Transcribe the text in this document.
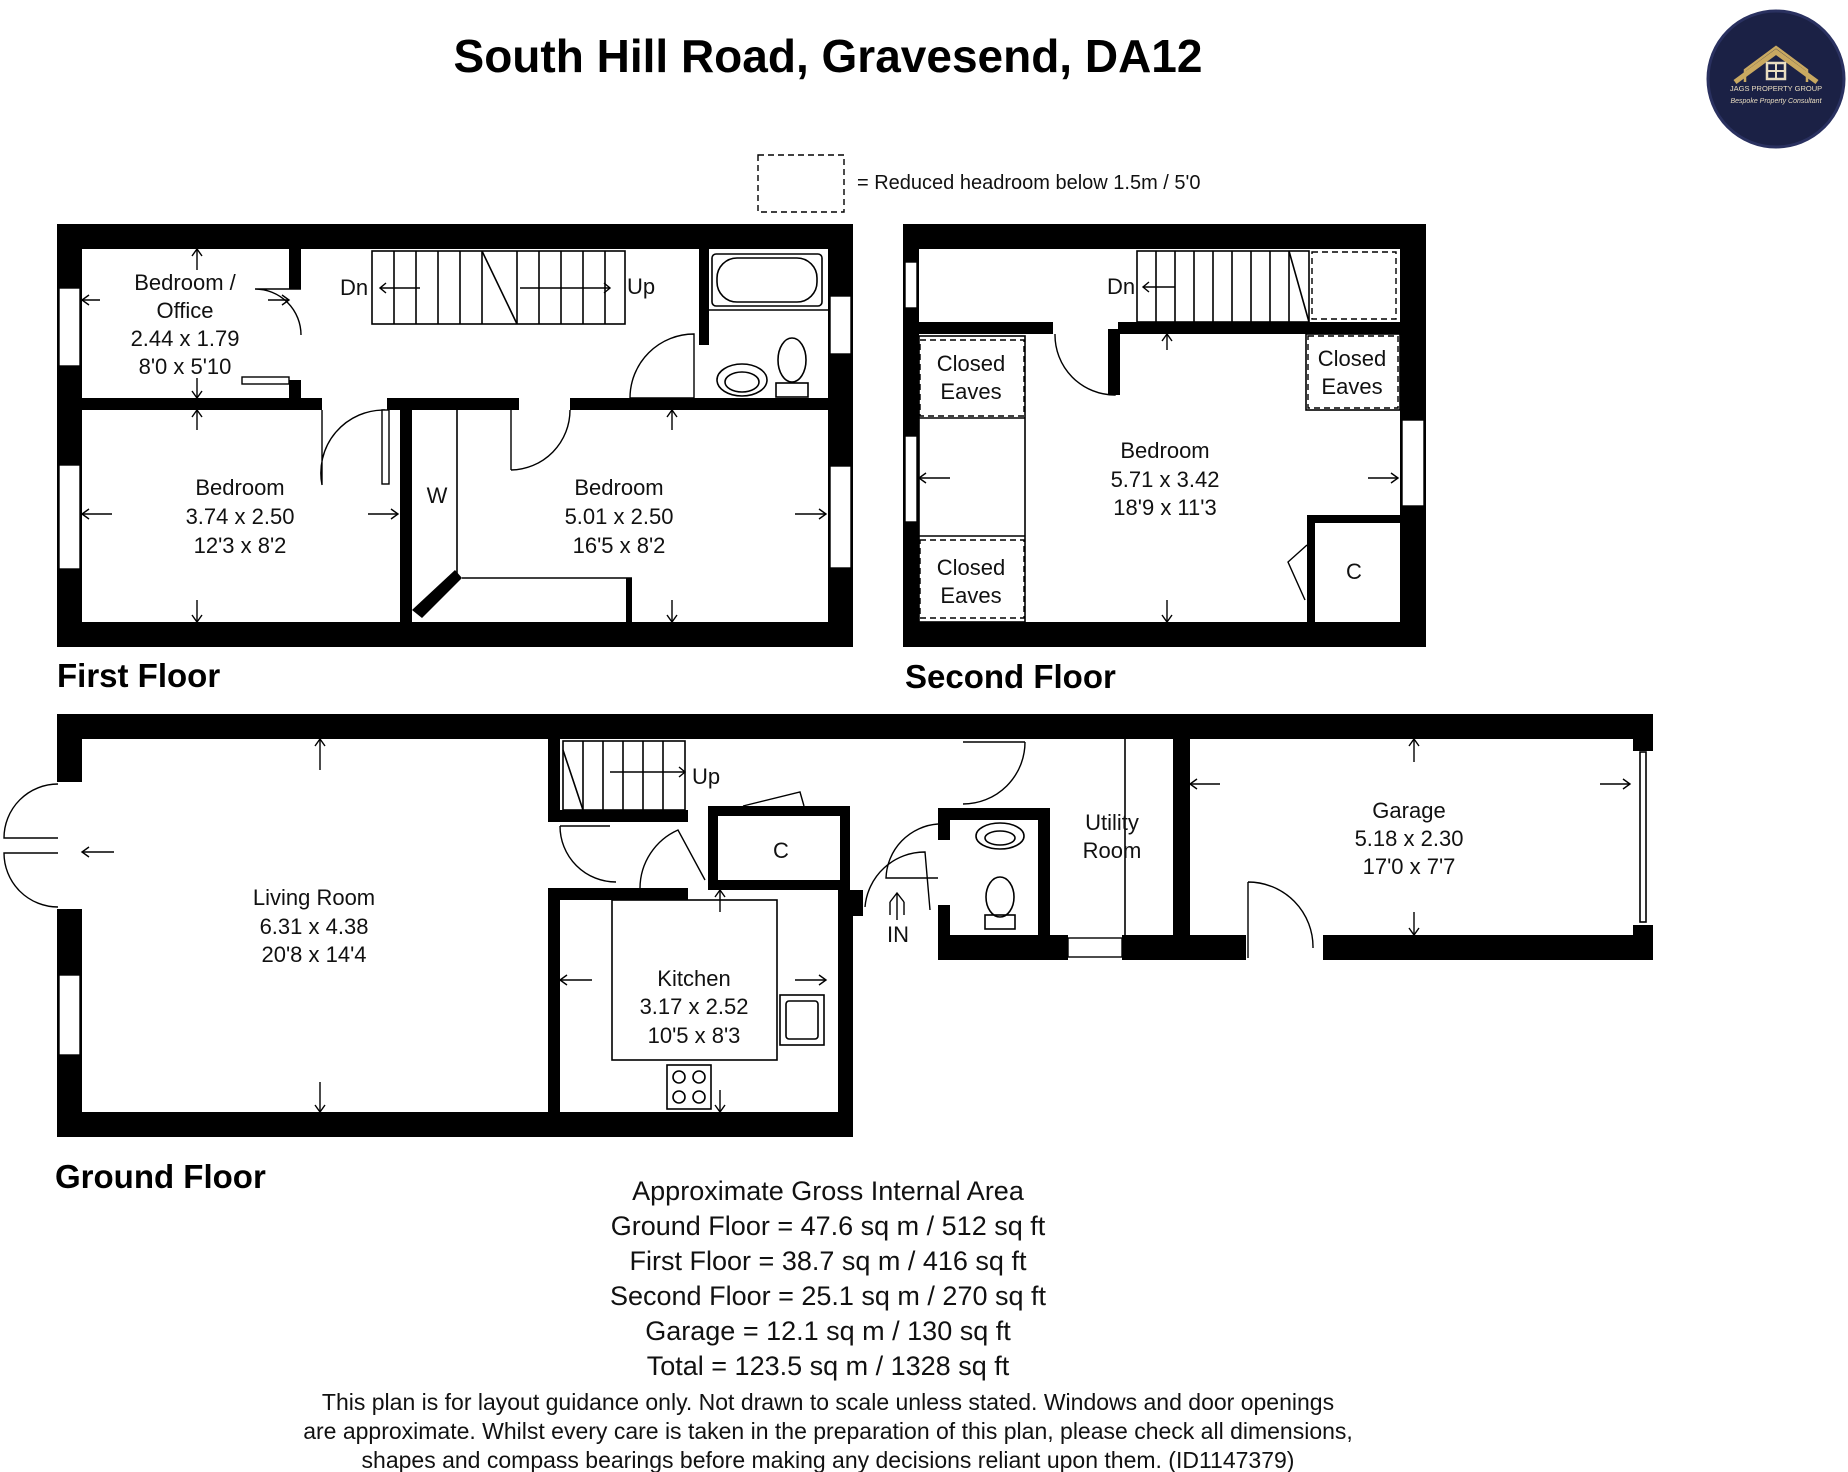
South Hill Road, Gravesend, DA12
JAGS PROPERTY GROUP
Bespoke Property Consultant
= Reduced headroom below 1.5m / 5'0
Bedroom /
Office
2.44 x 1.79
8'0 x 5'10
Dn	Up
Bedroom
3.74 x 2.50
12'3 x 8'2
W	Bedroom
5.01 x 2.50
16'5 x 8'2
First Floor
Dn
Closed
Eaves
Closed
Eaves
Closed
Eaves
Bedroom
5.71 x 3.42
18'9 x 11'3
C
Second Floor
Up
C
Living Room
6.31 x 4.38
20'8 x 14'4
Kitchen
3.17 x 2.52
10'5 x 8'3
IN
Utility
Room
Garage
5.18 x 2.30
17'0 x 7'7
Ground Floor	Approximate Gross Internal Area
Ground Floor = 47.6 sq m / 512 sq ft
First Floor = 38.7 sq m / 416 sq ft
Second Floor = 25.1 sq m / 270 sq ft
Garage = 12.1 sq m / 130 sq ft
Total = 123.5 sq m / 1328 sq ft
This plan is for layout guidance only. Not drawn to scale unless stated. Windows and door openings
are approximate. Whilst every care is taken in the preparation of this plan, please check all dimensions,
shapes and compass bearings before making any decisions reliant upon them. (ID1147379)
